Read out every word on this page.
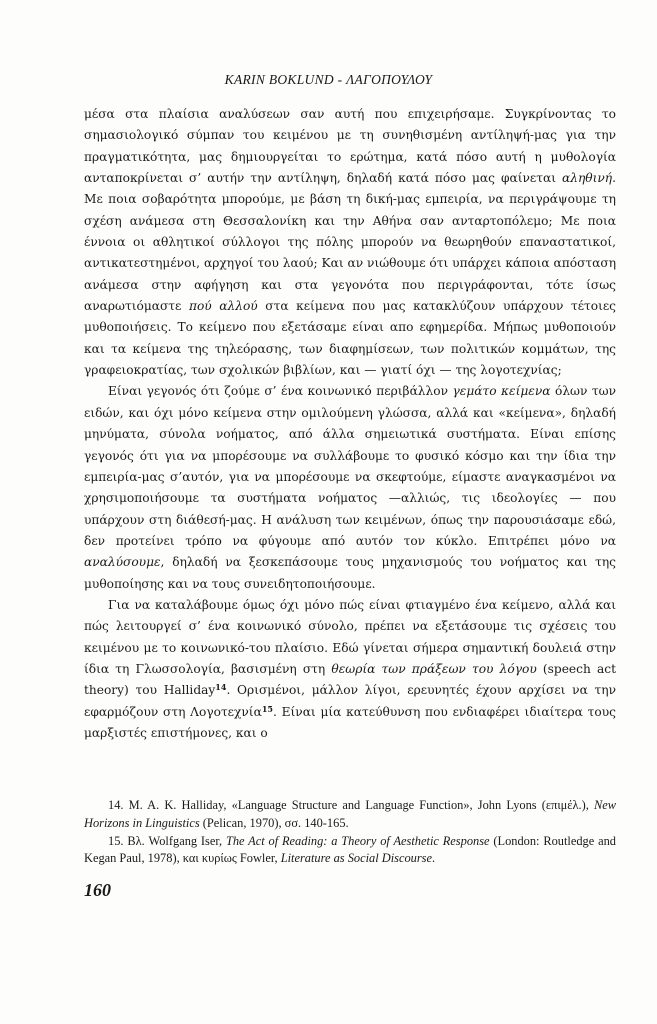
KARIN BOKLUND - ΛΑΓΟΠΟΥΛΟΥ

μέσα στα πλαίσια αναλύσεων σαν αυτή που επιχειρήσαμε. Συγκρίνοντας το σημασιολογικό σύμπαν του κειμένου με τη συνηθισμένη αντίληψή-μας για την πραγματικότητα, μας δημιουργείται το ερώτημα, κατά πόσο αυτή η μυθολογία ανταποκρίνεται σ’ αυτήν την αντίληψη, δηλαδή κατά πόσο μας φαίνεται αληθινή. Με ποια σοβαρότητα μπορούμε, με βάση τη δική-μας εμπειρία, να περιγράψουμε τη σχέση ανάμεσα στη Θεσσαλονίκη και την Αθήνα σαν ανταρτοπόλεμο; Με ποια έννοια οι αθλητικοί σύλλογοι της πόλης μπορούν να θεωρηθούν επαναστατικοί, αντικατεστημένοι, αρχηγοί του λαού; Και αν νιώθουμε ότι υπάρχει κάποια απόσταση ανάμεσα στην αφήγηση και στα γεγονότα που περιγράφονται, τότε ίσως αναρωτιόμαστε πού αλλού στα κείμενα που μας κατακλύζουν υπάρχουν τέτοιες μυθοποιήσεις. Το κείμενο που εξετάσαμε είναι απο εφημερίδα. Μήπως μυθοποιούν και τα κείμενα της τηλεόρασης, των διαφημίσεων, των πολιτικών κομμάτων, της γραφειοκρατίας, των σχολικών βιβλίων, και — γιατί όχι — της λογοτεχνίας;

Είναι γεγονός ότι ζούμε σ’ ένα κοινωνικό περιβάλλον γεμάτο κείμενα όλων των ειδών, και όχι μόνο κείμενα στην ομιλούμενη γλώσσα, αλλά και «κείμενα», δηλαδή μηνύματα, σύνολα νοήματος, από άλλα σημειωτικά συστήματα. Είναι επίσης γεγονός ότι για να μπορέσουμε να συλλάβουμε το φυσικό κόσμο και την ίδια την εμπειρία-μας σ’αυτόν, για να μπορέσουμε να σκεφτούμε, είμαστε αναγκασμένοι να χρησιμοποιήσουμε τα συστήματα νοήματος —αλλιώς, τις ιδεολογίες — που υπάρχουν στη διάθεσή-μας. Η ανάλυση των κειμένων, όπως την παρουσιάσαμε εδώ, δεν προτείνει τρόπο να φύγουμε από αυτόν τον κύκλο. Επιτρέπει μόνο να αναλύσουμε, δηλαδή να ξεσκεπάσουμε τους μηχανισμούς του νοήματος και της μυθοποίησης και να τους συνειδητοποιήσουμε.

Για να καταλάβουμε όμως όχι μόνο πώς είναι φτιαγμένο ένα κείμενο, αλλά και πώς λειτουργεί σ’ ένα κοινωνικό σύνολο, πρέπει να εξετάσουμε τις σχέσεις του κειμένου με το κοινωνικό-του πλαίσιο. Εδώ γίνεται σήμερα σημαντική δουλειά στην ίδια τη Γλωσσολογία, βασισμένη στη θεωρία των πράξεων του λόγου (speech act theory) του Halliday$^{14}$. Ορισμένοι, μάλλον λίγοι, ερευνητές έχουν αρχίσει να την εφαρμόζουν στη Λογοτεχνία$^{15}$. Είναι μία κατεύθυνση που ενδιαφέρει ιδιαίτερα τους μαρξιστές επιστήμονες, και ο

14. M. A. K. Halliday, «Language Structure and Language Function», John Lyons (επιμέλ.), New Horizons in Linguistics (Pelican, 1970), σσ. 140-165.

15. Βλ. Wolfgang Iser, The Act of Reading: a Theory of Aesthetic Response (London: Routledge and Kegan Paul, 1978), και κυρίως Fowler, Literature as Social Discourse.

160
